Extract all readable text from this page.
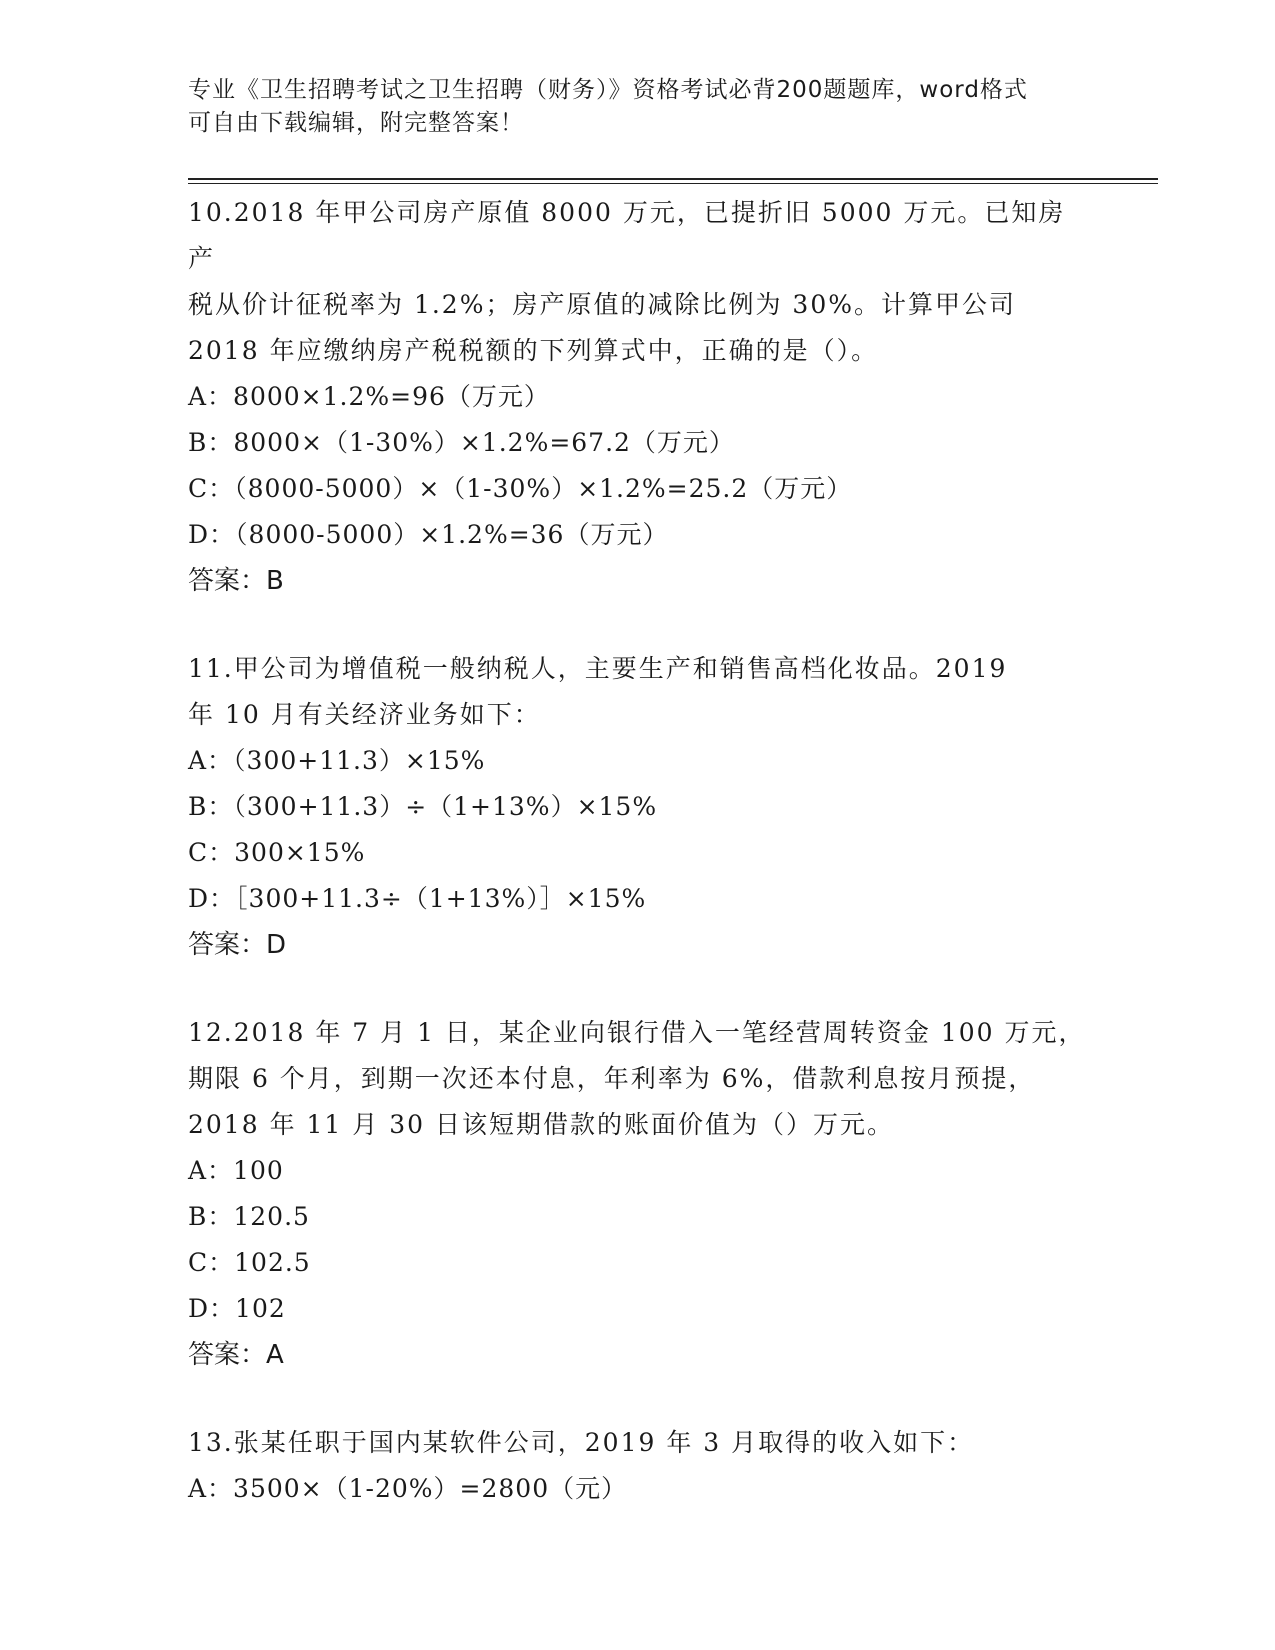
专业《卫生招聘考试之卫生招聘（财务）》资格考试必背200题题库，word格式
可自由下载编辑，附完整答案！
10.2018 年甲公司房产原值 8000 万元，已提折旧 5000 万元。已知房产
税从价计征税率为 1.2%；房产原值的减除比例为 30%。计算甲公司
2018 年应缴纳房产税税额的下列算式中，正确的是（）。
A：8000×1.2%=96（万元）
B：8000×（1-30%）×1.2%=67.2（万元）
C：（8000-5000）×（1-30%）×1.2%=25.2（万元）
D：（8000-5000）×1.2%=36（万元）
答案：B
11.甲公司为增值税一般纳税人，主要生产和销售高档化妆品。2019
年 10 月有关经济业务如下：
A：（300+11.3）×15%
B：（300+11.3）÷（1+13%）×15%
C：300×15%
D：［300+11.3÷（1+13%）］×15%
答案：D
12.2018 年 7 月 1 日，某企业向银行借入一笔经营周转资金 100 万元，
期限 6 个月，到期一次还本付息，年利率为 6%，借款利息按月预提，
2018 年 11 月 30 日该短期借款的账面价值为（）万元。
A：100
B：120.5
C：102.5
D：102
答案：A
13.张某任职于国内某软件公司，2019 年 3 月取得的收入如下：
A：3500×（1-20%）=2800（元）
